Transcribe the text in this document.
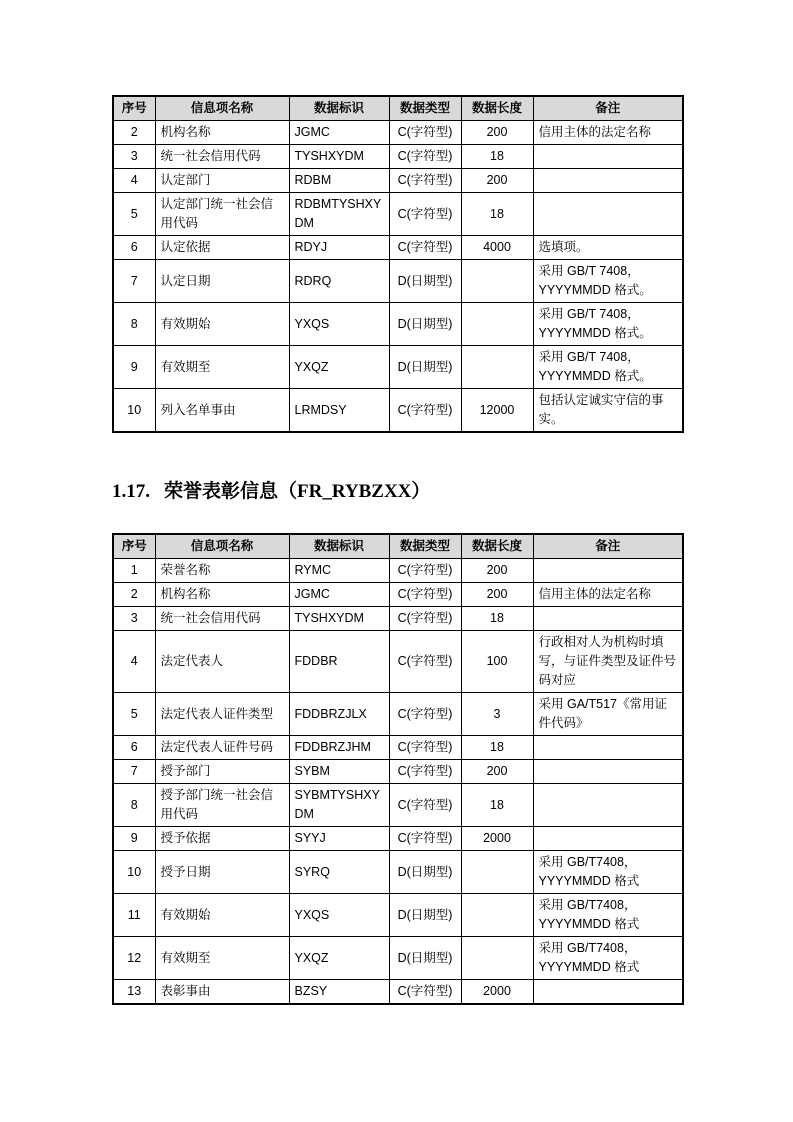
序号	信息项名称	数据标识	数据类型	数据长度	备注
2	机构名称	JGMC	C(字符型)	200	信用主体的法定名称
3	统一社会信用代码	TYSHXYDM	C(字符型)	18	
4	认定部门	RDBM	C(字符型)	200	
5	认定部门统一社会信用代码	RDBMTYSHXYDM	C(字符型)	18	
6	认定依据	RDYJ	C(字符型)	4000	选填项。
7	认定日期	RDRQ	D(日期型)		采用 GB/T 7408，YYYYMMDD 格式。
8	有效期始	YXQS	D(日期型)		采用 GB/T 7408，YYYYMMDD 格式。
9	有效期至	YXQZ	D(日期型)		采用 GB/T 7408，YYYYMMDD 格式。
10	列入名单事由	LRMDSY	C(字符型)	12000	包括认定诚实守信的事实。
1.17. 荣誉表彰信息（FR_RYBZXX）
序号	信息项名称	数据标识	数据类型	数据长度	备注
1	荣誉名称	RYMC	C(字符型)	200	
2	机构名称	JGMC	C(字符型)	200	信用主体的法定名称
3	统一社会信用代码	TYSHXYDM	C(字符型)	18	
4	法定代表人	FDDBR	C(字符型)	100	行政相对人为机构时填写，与证件类型及证件号码对应
5	法定代表人证件类型	FDDBRZJLX	C(字符型)	3	采用 GA/T517《常用证件代码》
6	法定代表人证件号码	FDDBRZJHM	C(字符型)	18	
7	授予部门	SYBM	C(字符型)	200	
8	授予部门统一社会信用代码	SYBMTYSHXYDM	C(字符型)	18	
9	授予依据	SYYJ	C(字符型)	2000	
10	授予日期	SYRQ	D(日期型)		采用 GB/T7408，YYYYMMDD 格式
11	有效期始	YXQS	D(日期型)		采用 GB/T7408，YYYYMMDD 格式
12	有效期至	YXQZ	D(日期型)		采用 GB/T7408，YYYYMMDD 格式
13	表彰事由	BZSY	C(字符型)	2000	
